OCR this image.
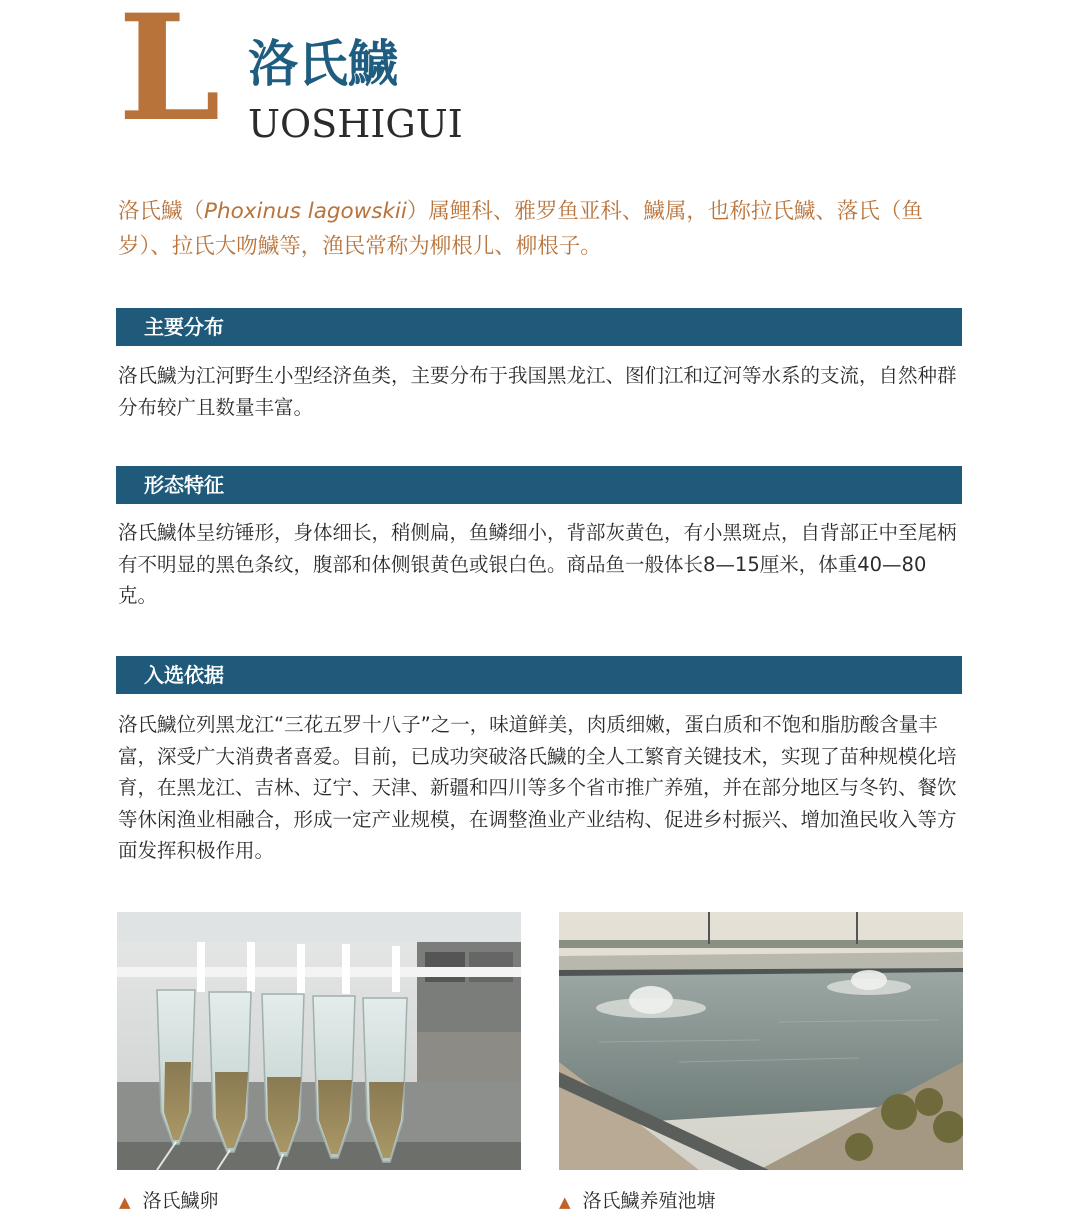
L 洛氏鱥
UOSHIGUI
洛氏鱥（Phoxinus lagowskii）属鲤科、雅罗鱼亚科、鱥属，也称拉氏鱥、落氏（鱼岁）、拉氏大吻鱥等，渔民常称为柳根儿、柳根子。
主要分布
洛氏鱥为江河野生小型经济鱼类，主要分布于我国黑龙江、图们江和辽河等水系的支流，自然种群分布较广且数量丰富。
形态特征
洛氏鱥体呈纺锤形，身体细长，稍侧扁，鱼鳞细小，背部灰黄色，有小黑斑点，自背部正中至尾柄有不明显的黑色条纹，腹部和体侧银黄色或银白色。商品鱼一般体长8—15厘米，体重40—80克。
入选依据
洛氏鱥位列黑龙江“三花五罗十八子”之一，味道鲜美，肉质细嫩，蛋白质和不饱和脂肪酸含量丰富，深受广大消费者喜爱。目前，已成功突破洛氏鱥的全人工繁育关键技术，实现了苗种规模化培育，在黑龙江、吉林、辽宁、天津、新疆和四川等多个省市推广养殖，并在部分地区与冬钓、餐饮等休闲渔业相融合，形成一定产业规模，在调整渔业产业结构、促进乡村振兴、增加渔民收入等方面发挥积极作用。
▲ 洛氏鱥卵	▲ 洛氏鱥养殖池塘
